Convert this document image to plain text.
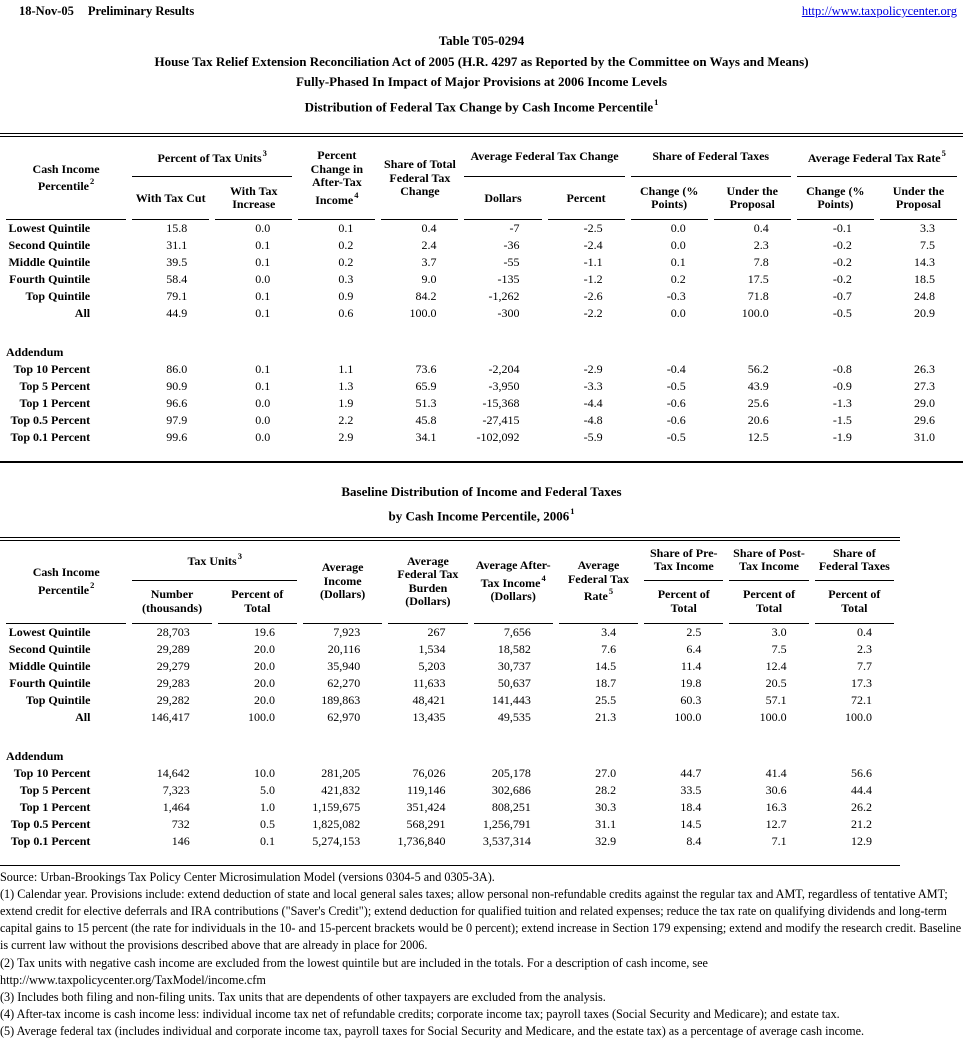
18-Nov-05 Preliminary Results	http://www.taxpolicycenter.org
Table T05-0294
House Tax Relief Extension Reconciliation Act of 2005 (H.R. 4297 as Reported by the Committee on Ways and Means)
Fully-Phased In Impact of Major Provisions at 2006 Income Levels
Distribution of Federal Tax Change by Cash Income Percentile$^1$
Cash Income Percentile$^2$	Percent of Tax Units$^3$		Percent Change in After-Tax Income$^4$	Share of Total Federal Tax Change	Average Federal Tax Change		Share of Federal Taxes		Average Federal Tax Rate$^5$
	With Tax Cut	With Tax Increase			Dollars	Percent	Change (% Points)	Under the Proposal	Change (% Points)	Under the Proposal
Lowest Quintile	15.8	0.0	0.1	0.4	-7	-2.5	0.0	0.4	-0.1	3.3
Second Quintile	31.1	0.1	0.2	2.4	-36	-2.4	0.0	2.3	-0.2	7.5
Middle Quintile	39.5	0.1	0.2	3.7	-55	-1.1	0.1	7.8	-0.2	14.3
Fourth Quintile	58.4	0.0	0.3	9.0	-135	-1.2	0.2	17.5	-0.2	18.5
Top Quintile	79.1	0.1	0.9	84.2	-1,262	-2.6	-0.3	71.8	-0.7	24.8
All	44.9	0.1	0.6	100.0	-300	-2.2	0.0	100.0	-0.5	20.9

Addendum										
Top 10 Percent	86.0	0.1	1.1	73.6	-2,204	-2.9	-0.4	56.2	-0.8	26.3
Top 5 Percent	90.9	0.1	1.3	65.9	-3,950	-3.3	-0.5	43.9	-0.9	27.3
Top 1 Percent	96.6	0.0	1.9	51.3	-15,368	-4.4	-0.6	25.6	-1.3	29.0
Top 0.5 Percent	97.9	0.0	2.2	45.8	-27,415	-4.8	-0.6	20.6	-1.5	29.6
Top 0.1 Percent	99.6	0.0	2.9	34.1	-102,092	-5.9	-0.5	12.5	-1.9	31.0

Baseline Distribution of Income and Federal Taxes
by Cash Income Percentile, 2006$^1$
Cash Income Percentile$^2$	Tax Units$^3$		Average Income (Dollars)	Average Federal Tax Burden (Dollars)	Average After-Tax Income$^4$ (Dollars)	Average Federal Tax Rate$^5$	Share of Pre-Tax Income	Share of Post-Tax Income	Share of Federal Taxes
	Number (thousands)	Percent of Total					Percent of Total	Percent of Total	Percent of Total
Lowest Quintile	28,703	19.6	7,923	267	7,656	3.4	2.5	3.0	0.4
Second Quintile	29,289	20.0	20,116	1,534	18,582	7.6	6.4	7.5	2.3
Middle Quintile	29,279	20.0	35,940	5,203	30,737	14.5	11.4	12.4	7.7
Fourth Quintile	29,283	20.0	62,270	11,633	50,637	18.7	19.8	20.5	17.3
Top Quintile	29,282	20.0	189,863	48,421	141,443	25.5	60.3	57.1	72.1
All	146,417	100.0	62,970	13,435	49,535	21.3	100.0	100.0	100.0

Addendum									
Top 10 Percent	14,642	10.0	281,205	76,026	205,178	27.0	44.7	41.4	56.6
Top 5 Percent	7,323	5.0	421,832	119,146	302,686	28.2	33.5	30.6	44.4
Top 1 Percent	1,464	1.0	1,159,675	351,424	808,251	30.3	18.4	16.3	26.2
Top 0.5 Percent	732	0.5	1,825,082	568,291	1,256,791	31.1	14.5	12.7	21.2
Top 0.1 Percent	146	0.1	5,274,153	1,736,840	3,537,314	32.9	8.4	7.1	12.9

Source: Urban-Brookings Tax Policy Center Microsimulation Model (versions 0304-5 and 0305-3A).

(1) Calendar year. Provisions include: extend deduction of state and local general sales taxes; allow personal non-refundable credits against the regular tax and AMT, regardless of tentative AMT; extend credit for elective deferrals and IRA contributions ("Saver's Credit"); extend deduction for qualified tuition and related expenses; reduce the tax rate on qualifying dividends and long-term capital gains to 15 percent (the rate for individuals in the 10- and 15-percent brackets would be 0 percent); extend increase in Section 179 expensing; extend and modify the research credit. Baseline is current law without the provisions described above that are already in place for 2006.

(2) Tax units with negative cash income are excluded from the lowest quintile but are included in the totals. For a description of cash income, see http://www.taxpolicycenter.org/TaxModel/income.cfm

(3) Includes both filing and non-filing units. Tax units that are dependents of other taxpayers are excluded from the analysis.

(4) After-tax income is cash income less: individual income tax net of refundable credits; corporate income tax; payroll taxes (Social Security and Medicare); and estate tax.

(5) Average federal tax (includes individual and corporate income tax, payroll taxes for Social Security and Medicare, and the estate tax) as a percentage of average cash income.
